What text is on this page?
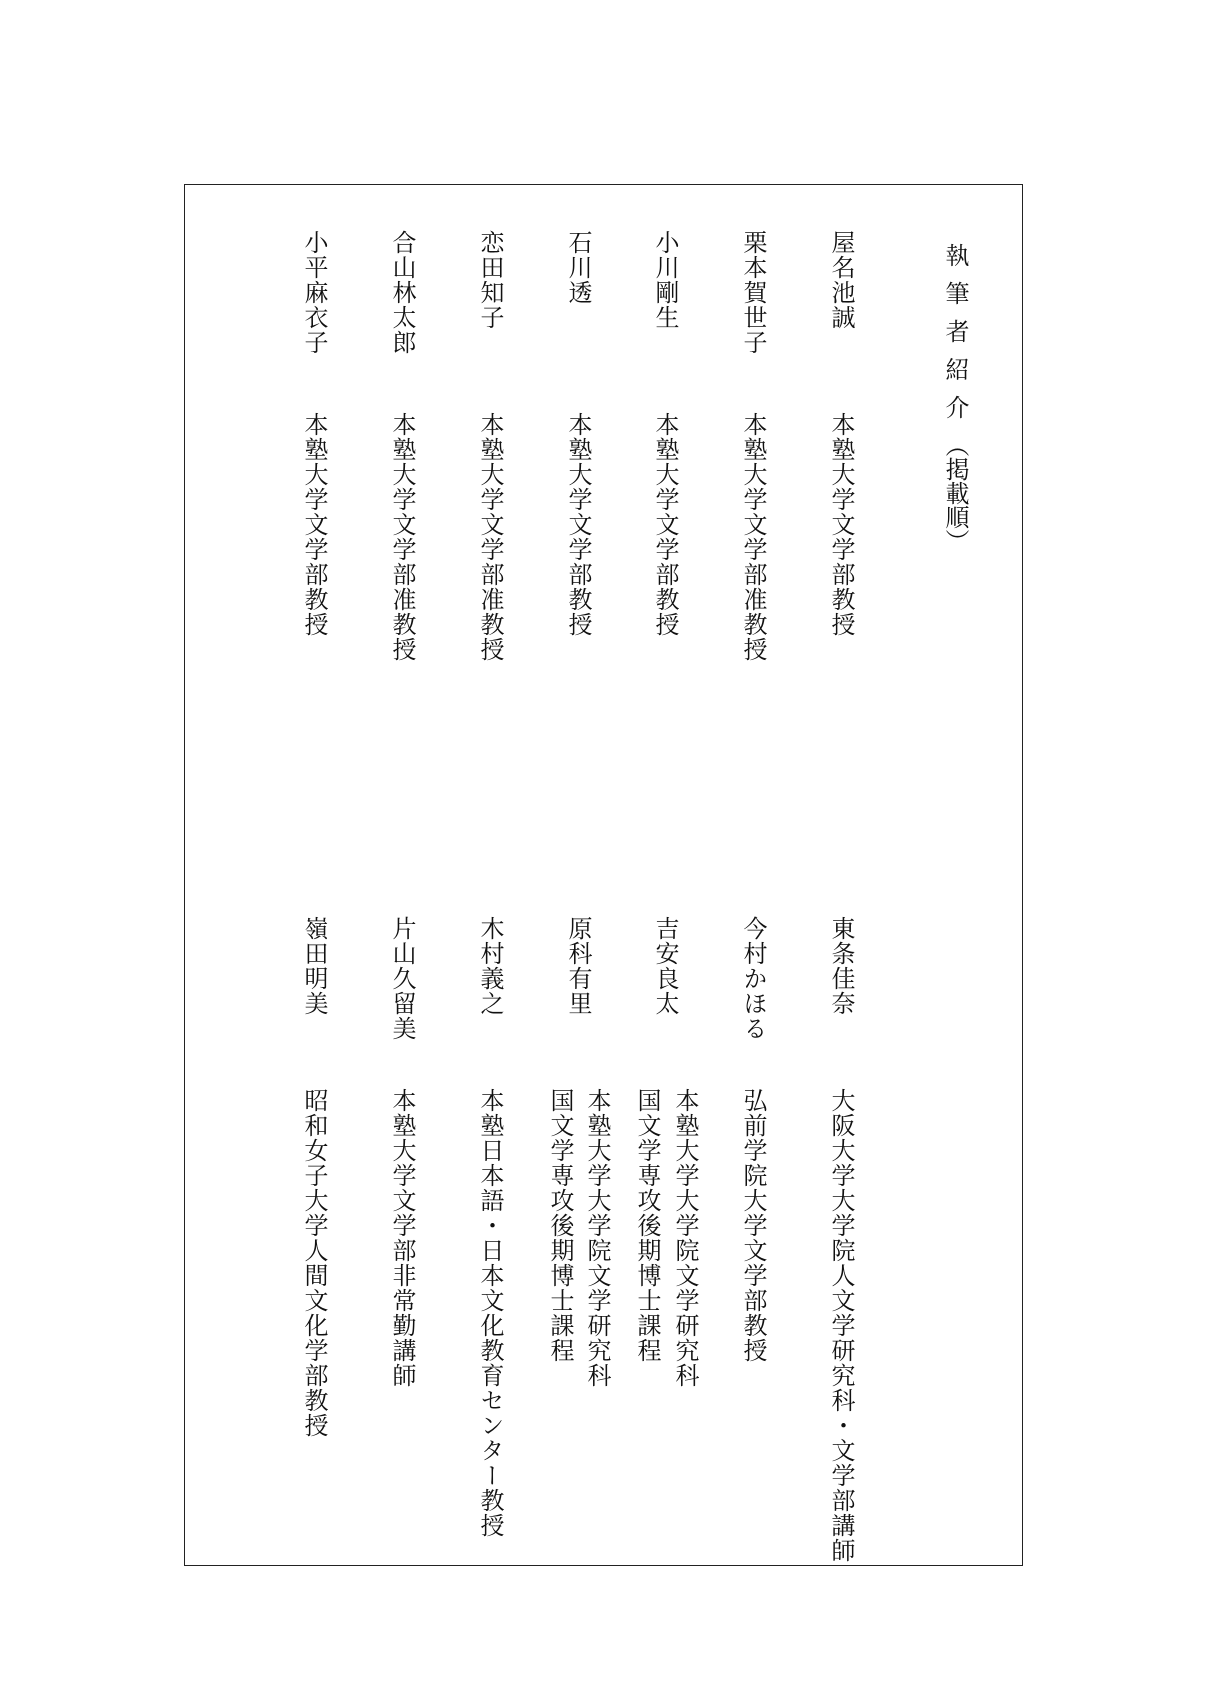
執筆者紹介（掲載順）
屋名池誠
栗本賀世子
小川剛生
石川透
恋田知子
合山林太郎
小平麻衣子
本塾大学文学部教授
本塾大学文学部准教授
本塾大学文学部教授
本塾大学文学部教授
本塾大学文学部准教授
本塾大学文学部准教授
本塾大学文学部教授
東条佳奈
今村かほる
吉安良太
原科有里
木村義之
片山久留美
嶺田明美
大阪大学大学院人文学研究科・文学部講師
弘前学院大学文学部教授
本塾大学大学院文学研究科
国文学専攻後期博士課程
本塾大学大学院文学研究科
国文学専攻後期博士課程
本塾日本語・日本文化教育センター教授
本塾大学文学部非常勤講師
昭和女子大学人間文化学部教授
